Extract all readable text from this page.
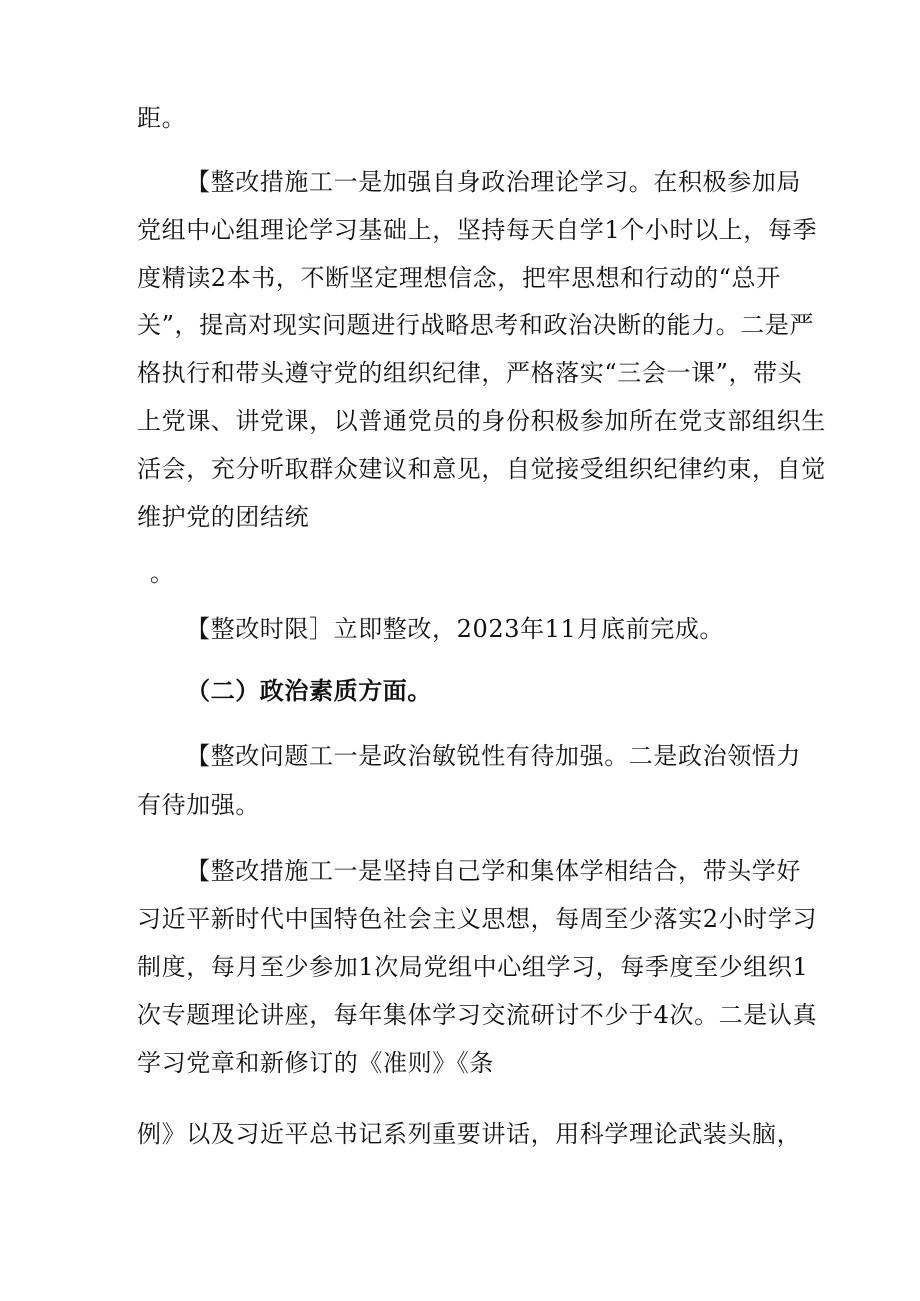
距。
【整改措施工一是加强自身政治理论学习。在积极参加局
党组中心组理论学习基础上，坚持每天自学1个小时以上，每季
度精读2本书，不断坚定理想信念，把牢思想和行动的“总开
关”，提高对现实问题进行战略思考和政治决断的能力。二是严
格执行和带头遵守党的组织纪律，严格落实“三会一课”，带头
上党课、讲党课，以普通党员的身份积极参加所在党支部组织生
活会，充分听取群众建议和意见，自觉接受组织纪律约束，自觉
维护党的团结统
。
【整改时限］立即整改，2023年11月底前完成。
（二）政治素质方面。
【整改问题工一是政治敏锐性有待加强。二是政治领悟力
有待加强。
【整改措施工一是坚持自己学和集体学相结合，带头学好
习近平新时代中国特色社会主义思想，每周至少落实2小时学习
制度，每月至少参加1次局党组中心组学习，每季度至少组织1
次专题理论讲座，每年集体学习交流研讨不少于4次。二是认真
学习党章和新修订的《准则》《条
例》以及习近平总书记系列重要讲话，用科学理论武装头脑，
